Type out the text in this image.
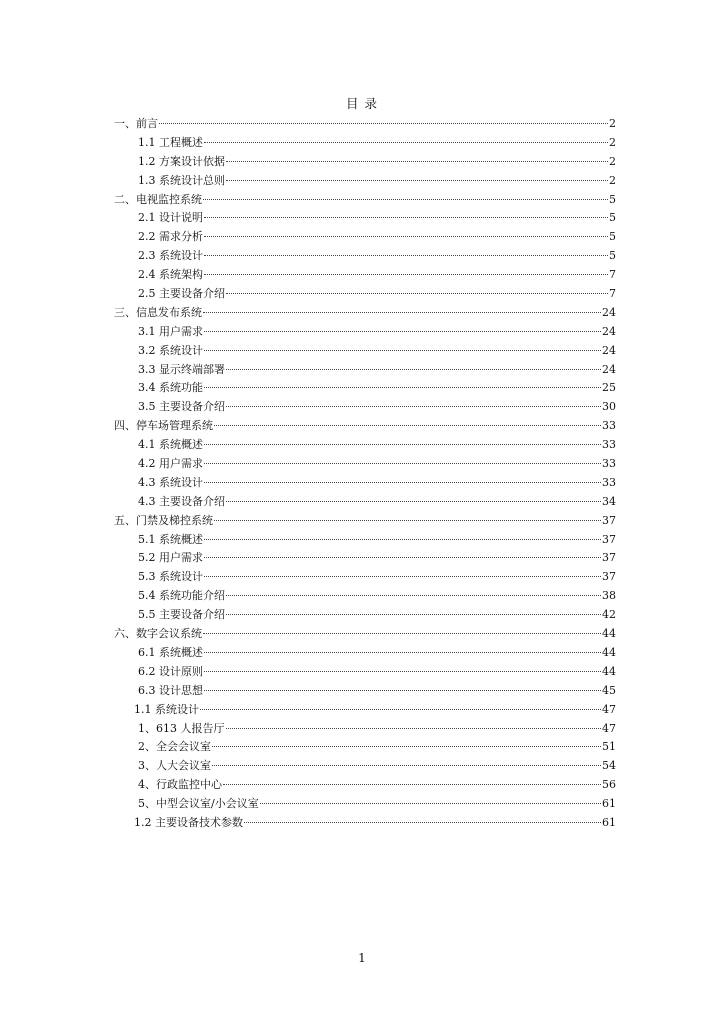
目 录
一、前言	2
1.1 工程概述	2
1.2 方案设计依据	2
1.3 系统设计总则	2
二、电视监控系统	5
2.1 设计说明	5
2.2 需求分析	5
2.3 系统设计	5
2.4 系统架构	7
2.5 主要设备介绍	7
三、信息发布系统	24
3.1 用户需求	24
3.2 系统设计	24
3.3 显示终端部署	24
3.4 系统功能	25
3.5 主要设备介绍	30
四、停车场管理系统	33
4.1 系统概述	33
4.2 用户需求	33
4.3 系统设计	33
4.3 主要设备介绍	34
五、门禁及梯控系统	37
5.1 系统概述	37
5.2 用户需求	37
5.3 系统设计	37
5.4 系统功能介绍	38
5.5 主要设备介绍	42
六、数字会议系统	44
6.1 系统概述	44
6.2 设计原则	44
6.3 设计思想	45
1.1 系统设计	47
1、613 人报告厅	47
2、全会会议室	51
3、人大会议室	54
4、行政监控中心	56
5、中型会议室/小会议室	61
1.2 主要设备技术参数	61
1
